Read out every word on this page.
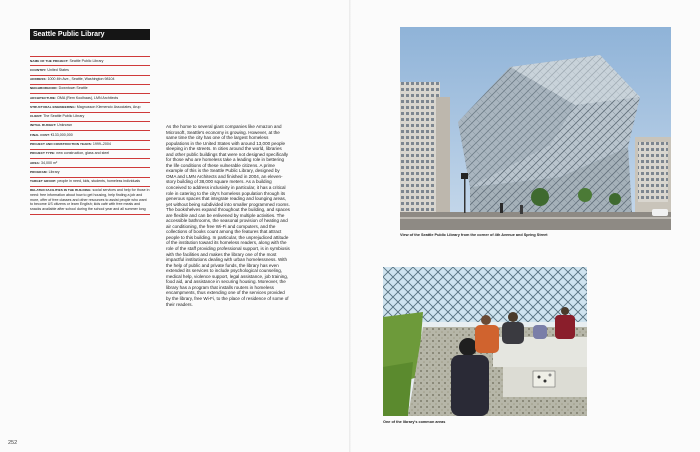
Seattle Public Library
NAME OF THE PROJECT: Seattle Public Library
COUNTRY: United States
ADDRESS: 1000 4th Ave., Seattle, Washington 98104
NEIGHBORHOOD: Downtown Seattle
ARCHITECTURE: OMA (Rem Koolhaas), LMN Architects
STRUCTURAL ENGINEERING: Magnusson Klemencic Associates, Arup
CLIENT: The Seattle Public Library
INITIAL BUDGET: Unknown
FINAL COST: €133,000,000
PROJECT AND CONSTRUCTION YEARS: 1999–2004
PROJECT TYPE: new construction, glass and steel
AREA: 34,000 m²
PROGRAM: Library
TARGET GROUP: people in need, kids, students, homeless individuals
RELATED FACILITIES IN THE BUILDING: social services and help for those in need: free information about how to get housing, help finding a job and more, offer of free classes and other resources to assist people who want to become US citizens or learn English; kids café with free meals and snacks available after school during the school year and all summer long
As the home to several giant companies like Amazon and Microsoft, Seattle's economy is growing. However, at the same time the city has one of the largest homeless populations in the United States with around 13,000 people sleeping in the streets. In cities around the world, libraries and other public buildings that were not designed specifically for those who are homeless take a leading role in bettering the life conditions of these vulnerable citizens. A prime example of this is the Seattle Public Library, designed by OMA and LMN Architects and finished in 2004, an eleven-story building of 38,000 square meters. As a building conceived to address inclusivity in particular, it has a critical role in catering to the city's homeless population through its generous spaces that integrate reading and lounging areas, yet without being subdivided into smaller programmed rooms. The bookshelves expand throughout the building, and spaces are flexible and can be enlivened by multiple activities. The accessible bathrooms, the seasonal provision of heating and air conditioning, the free Wi-Fi and computers, and the collections of books count among the features that attract people to this building. In particular, the unprejudiced attitude of the institution toward its homeless readers, along with the role of the staff providing professional support, is in symbiosis with the facilities and makes the library one of the most impactful institutions dealing with urban homelessness. With the help of public and private funds, the library has even extended its services to include psychological counseling, medical help, violence support, legal assistance, job training, food aid, and assistance in securing housing. Moreover, the library has a program that installs routers in homeless encampments, thus extending one of the services provided by the library, free Wi-Fi, to the place of residence of some of their readers.
View of the Seattle Public Library from the corner of 4th Avenue and Spring Street
One of the library's common areas
252
